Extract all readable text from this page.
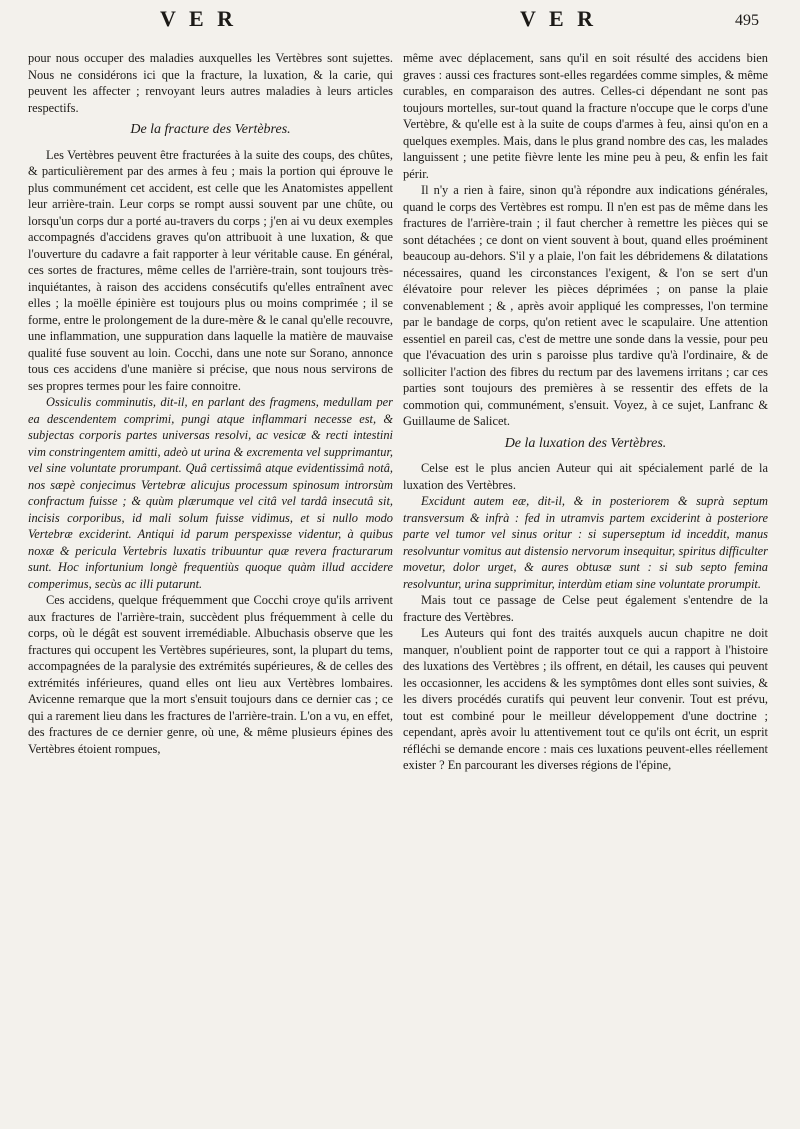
V E R	V E R	495

pour nous occuper des maladies auxquelles les Vertèbres sont sujettes. Nous ne considérons ici que la fracture, la luxation, & la carie, qui peuvent les affecter ; renvoyant leurs autres maladies à leurs articles respectifs.

De la fracture des Vertèbres.

Les Vertèbres peuvent être fracturées à la suite des coups, des chûtes, & particulièrement par des armes à feu ; mais la portion qui éprouve le plus communément cet accident, est celle que les Anatomistes appellent leur arrière-train. Leur corps se rompt aussi souvent par une chûte, ou lorsqu'un corps dur a porté au-travers du corps ; j'en ai vu deux exemples accompagnés d'accidens graves qu'on attribuoit à une luxation, & que l'ouverture du cadavre a fait rapporter à leur véritable cause. En général, ces sortes de fractures, même celles de l'arrière-train, sont toujours très-inquiétantes, à raison des accidens consécutifs qu'elles entraînent avec elles ; la moëlle épinière est toujours plus ou moins comprimée ; il se forme, entre le prolongement de la dure-mère & le canal qu'elle recouvre, une inflammation, une suppuration dans laquelle la matière de mauvaise qualité fuse souvent au loin. Cocchi, dans une note sur Sorano, annonce tous ces accidens d'une manière si précise, que nous nous servirons de ses propres termes pour les faire connoitre.

Ossiculis comminutis, dit-il, en parlant des fragmens, medullam per ea descendentem comprimi, pungi atque inflammari necesse est, & subjectas corporis partes universas resolvi, ac vesicæ & recti intestini vim constringentem amitti, adeò ut urina & excrementa vel supprimantur, vel sine voluntate prorumpant. Quâ certissimâ atque evidentissimâ notâ, nos sæpè conjecimus Vertebræ alicujus processum spinosum introrsùm confractum fuisse ; & quùm plærumque vel citâ vel tardâ insecutâ sit, incisis corporibus, id mali solum fuisse vidimus, et si nullo modo Vertebræ exciderint. Antiqui id parum perspexisse videntur, à quibus noxæ & pericula Vertebris luxatis tribuuntur quæ revera fracturarum sunt. Hoc infortunium longè frequentiùs quoque quàm illud accidere comperimus, secùs ac illi putarunt.

Ces accidens, quelque fréquemment que Cocchi croye qu'ils arrivent aux fractures de l'arrière-train, succèdent plus fréquemment à celle du corps, où le dégât est souvent irremédiable. Albuchasis observe que les fractures qui occupent les Vertèbres supérieures, sont, la plupart du tems, accompagnées de la paralysie des extrémités supérieures, & de celles des extrémités inférieures, quand elles ont lieu aux Vertèbres lombaires. Avicenne remarque que la mort s'ensuit toujours dans ce dernier cas ; ce qui a rarement lieu dans les fractures de l'arrière-train. L'on a vu, en effet, des fractures de ce dernier genre, où une, & même plusieurs épines des Vertèbres étoient rompues,

même avec déplacement, sans qu'il en soit résulté des accidens bien graves : aussi ces fractures sont-elles regardées comme simples, & même curables, en comparaison des autres. Celles-ci dépendant ne sont pas toujours mortelles, sur-tout quand la fracture n'occupe que le corps d'une Vertèbre, & qu'elle est à la suite de coups d'armes à feu, ainsi qu'on en a quelques exemples. Mais, dans le plus grand nombre des cas, les malades languissent ; une petite fièvre lente les mine peu à peu, & enfin les fait périr.

Il n'y a rien à faire, sinon qu'à répondre aux indications générales, quand le corps des Vertèbres est rompu. Il n'en est pas de même dans les fractures de l'arrière-train ; il faut chercher à remettre les pièces qui se sont détachées ; ce dont on vient souvent à bout, quand elles proéminent beaucoup au-dehors. S'il y a plaie, l'on fait les débridemens & dilatations nécessaires, quand les circonstances l'exigent, & l'on se sert d'un élévatoire pour relever les pièces déprimées ; on panse la plaie convenablement ; & , après avoir appliqué les compresses, l'on termine par le bandage de corps, qu'on retient avec le scapulaire. Une attention essentiel en pareil cas, c'est de mettre une sonde dans la vessie, pour peu que l'évacuation des urin s paroisse plus tardive qu'à l'ordinaire, & de solliciter l'action des fibres du rectum par des lavemens irritans ; car ces parties sont toujours des premières à se ressentir des effets de la commotion qui, communément, s'ensuit. Voyez, à ce sujet, Lanfranc & Guillaume de Salicet.

De la luxation des Vertèbres.

Celse est le plus ancien Auteur qui ait spécialement parlé de la luxation des Vertèbres.

Excidunt autem eæ, dit-il, & in posteriorem & suprà septum transversum & infrà : fed in utramvis partem exciderint à posteriore parte vel tumor vel sinus oritur : si superseptum id inceddit, manus resolvuntur vomitus aut distensio nervorum insequitur, spiritus difficulter movetur, dolor urget, & aures obtusæ sunt : si sub septo femina resolvuntur, urina supprimitur, interdùm etiam sine voluntate prorumpit.

Mais tout ce passage de Celse peut également s'entendre de la fracture des Vertèbres.

Les Auteurs qui font des traités auxquels aucun chapitre ne doit manquer, n'oublient point de rapporter tout ce qui a rapport à l'histoire des luxations des Vertèbres ; ils offrent, en détail, les causes qui peuvent les occasionner, les accidens & les symptômes dont elles sont suivies, & les divers procédés curatifs qui peuvent leur convenir. Tout est prévu, tout est combiné pour le meilleur développement d'une doctrine ; cependant, après avoir lu attentivement tout ce qu'ils ont écrit, un esprit réfléchi se demande encore : mais ces luxations peuvent-elles réellement exister ? En parcourant les diverses régions de l'épine,
